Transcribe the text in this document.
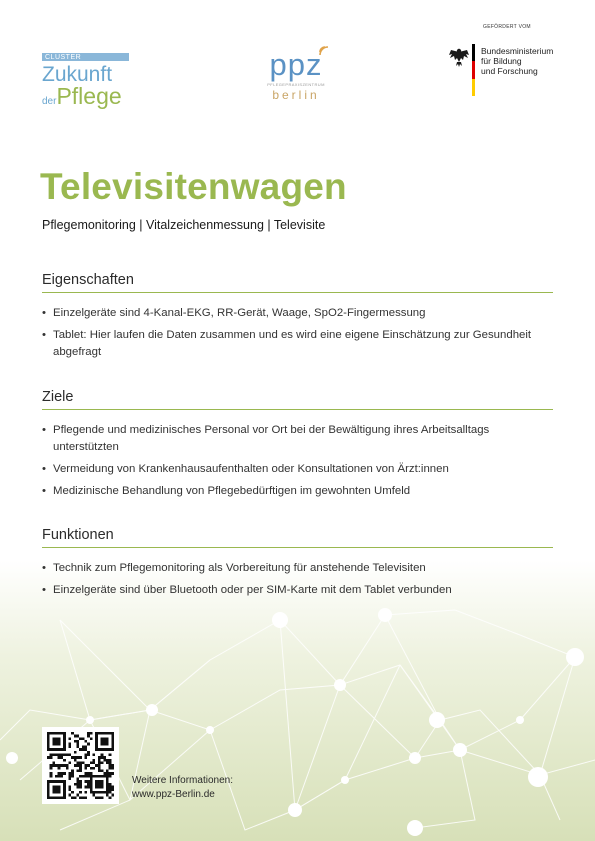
CLUSTER
Zukunft
derPflege
ppz
PFLEGEPRAXISZENTRUM
berlin
GEFÖRDERT VOM
Bundesministerium
für Bildung
und Forschung
Televisitenwagen
Pflegemonitoring | Vitalzeichenmessung | Televisite
Eigenschaften
• Einzelgeräte sind 4-Kanal-EKG, RR-Gerät, Waage, SpO2-Fingermessung
• Tablet: Hier laufen die Daten zusammen und es wird eine eigene Einschätzung zur Gesundheit abgefragt
Ziele
• Pflegende und medizinisches Personal vor Ort bei der Bewältigung ihres Arbeitsalltags unterstützten
• Vermeidung von Krankenhausaufenthalten oder Konsultationen von Ärzt:innen
• Medizinische Behandlung von Pflegebedürftigen im gewohnten Umfeld
Funktionen
• Technik zum Pflegemonitoring als Vorbereitung für anstehende Televisiten
• Einzelgeräte sind über Bluetooth oder per SIM-Karte mit dem Tablet verbunden
Weitere Informationen:
www.ppz-Berlin.de
